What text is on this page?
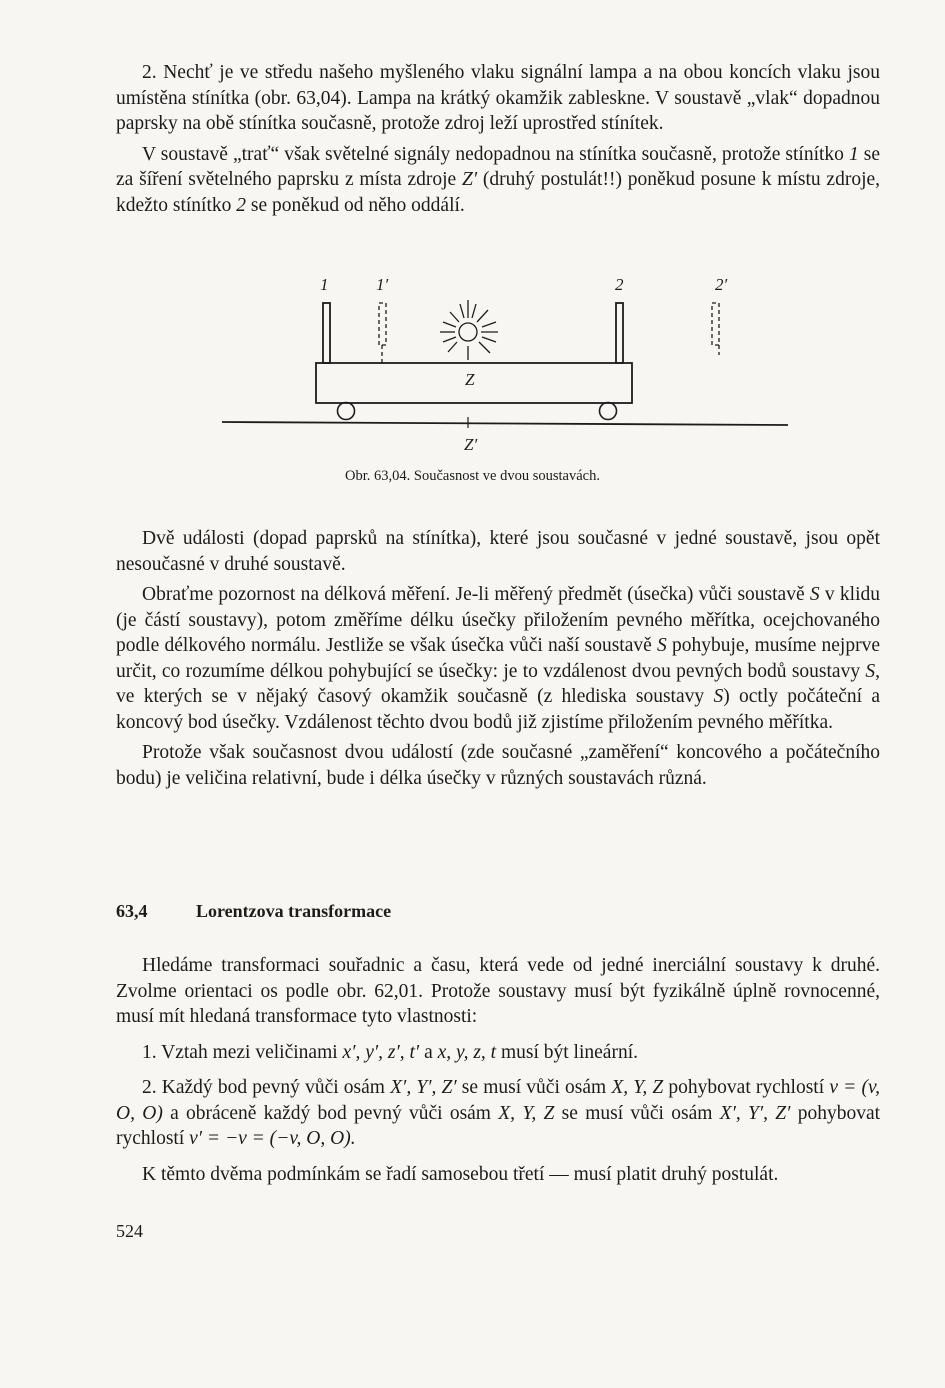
2. Nechť je ve středu našeho myšleného vlaku signální lampa a na obou koncích vlaku jsou umístěna stínítka (obr. 63,04). Lampa na krátký okamžik zableskne. V soustavě „vlak“ dopadnou paprsky na obě stínítka současně, protože zdroj leží uprostřed stínítek.

V soustavě „trať“ však světelné signály nedopadnou na stínítka současně, protože stínítko 1 se za šíření světelného paprsku z místa zdroje Z′ (druhý postulát!!) poněkud posune k místu zdroje, kdežto stínítko 2 se poněkud od něho oddálí.

1	1′	2	2′
Z
Z′
Obr. 63,04. Současnost ve dvou soustavách.

Dvě události (dopad paprsků na stínítka), které jsou současné v jedné soustavě, jsou opět nesoučasné v druhé soustavě.

Obraťme pozornost na délková měření. Je-li měřený předmět (úsečka) vůči soustavě S v klidu (je částí soustavy), potom změříme délku úsečky přiložením pevného měřítka, ocejchovaného podle délkového normálu. Jestliže se však úsečka vůči naší soustavě S pohybuje, musíme nejprve určit, co rozumíme délkou pohybující se úsečky: je to vzdálenost dvou pevných bodů soustavy S, ve kterých se v nějaký časový okamžik současně (z hlediska soustavy S) octly počáteční a koncový bod úsečky. Vzdálenost těchto dvou bodů již zjistíme přiložením pevného měřítka.

Protože však současnost dvou událostí (zde současné „zaměření“ koncového a počátečního bodu) je veličina relativní, bude i délka úsečky v různých soustavách různá.

63,4	Lorentzova transformace

Hledáme transformaci souřadnic a času, která vede od jedné inerciální soustavy k druhé. Zvolme orientaci os podle obr. 62,01. Protože soustavy musí být fyzikálně úplně rovnocenné, musí mít hledaná transformace tyto vlastnosti:

1. Vztah mezi veličinami x′, y′, z′, t′ a x, y, z, t musí být lineární.

2. Každý bod pevný vůči osám X′, Y′, Z′ se musí vůči osám X, Y, Z pohybovat rychlostí v = (v, O, O) a obráceně každý bod pevný vůči osám X, Y, Z se musí vůči osám X′, Y′, Z′ pohybovat rychlostí v′ = −v = (−v, O, O).

K těmto dvěma podmínkám se řadí samosebou třetí — musí platit druhý postulát.

524
